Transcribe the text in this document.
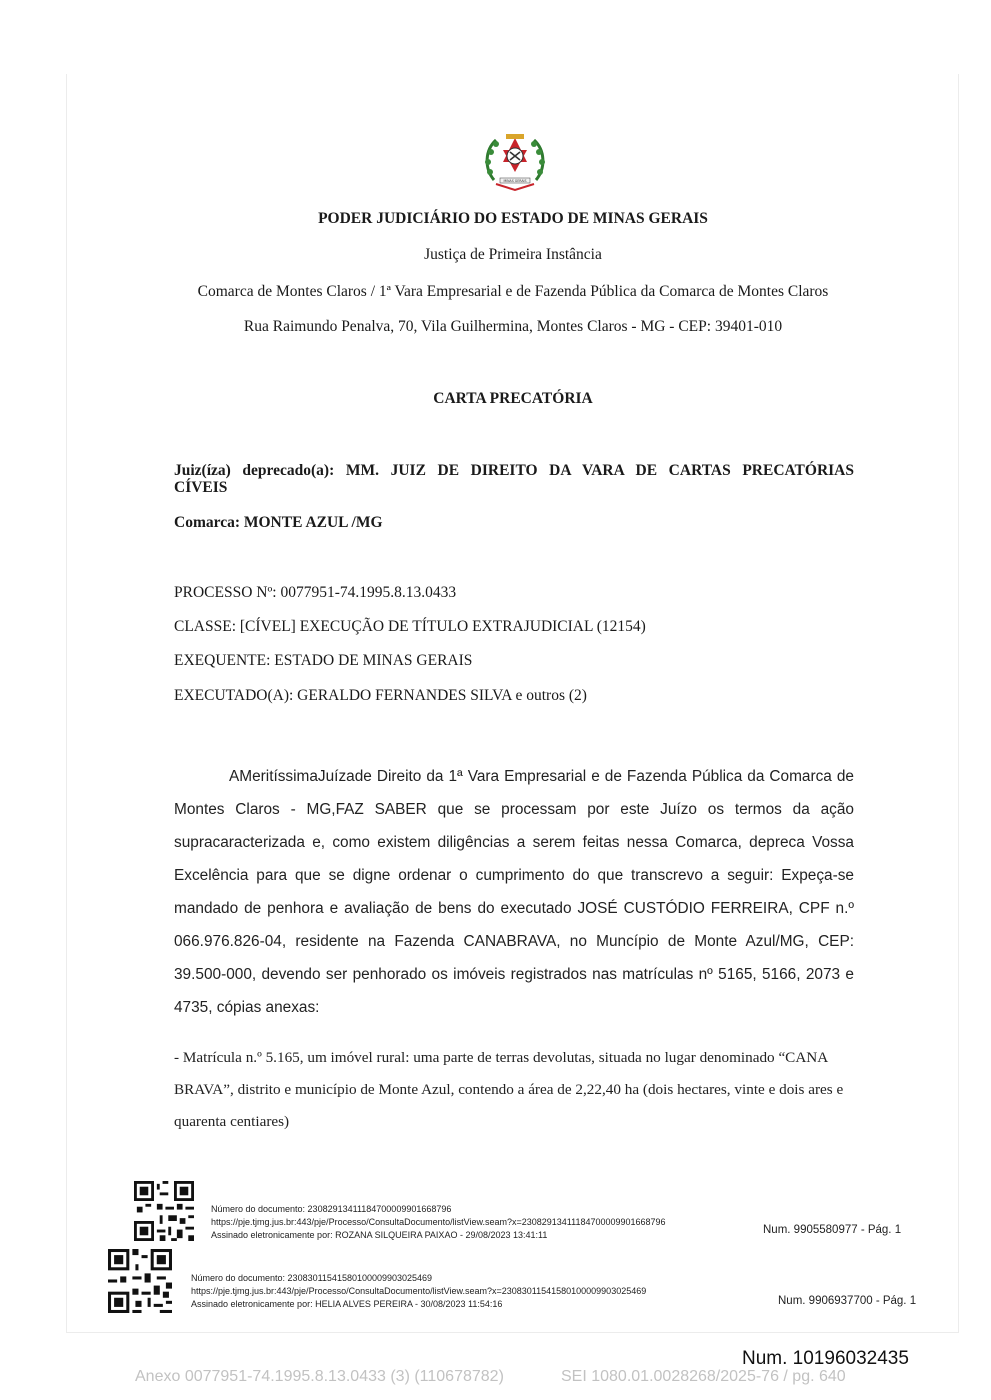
MINAS GERAIS
PODER JUDICIÁRIO DO ESTADO DE MINAS GERAIS
Justiça de Primeira Instância
Comarca de Montes Claros / 1ª Vara Empresarial e de Fazenda Pública da Comarca de Montes Claros
Rua Raimundo Penalva, 70, Vila Guilhermina, Montes Claros - MG - CEP: 39401-010
CARTA PRECATÓRIA
Juiz(íza) deprecado(a): MM. JUIZ DE DIREITO DA VARA DE CARTAS PRECATÓRIAS CÍVEIS
Comarca: MONTE AZUL /MG
PROCESSO Nº: 0077951-74.1995.8.13.0433
CLASSE: [CÍVEL] EXECUÇÃO DE TÍTULO EXTRAJUDICIAL (12154)
EXEQUENTE: ESTADO DE MINAS GERAIS
EXECUTADO(A): GERALDO FERNANDES SILVA e outros (2)
AMeritíssimaJuízade Direito da 1ª Vara Empresarial e de Fazenda Pública da Comarca de Montes Claros - MG,FAZ SABER que se processam por este Juízo os termos da ação supracaracterizada e, como existem diligências a serem feitas nessa Comarca, depreca Vossa Excelência para que se digne ordenar o cumprimento do que transcrevo a seguir: Expeça-se mandado de penhora e avaliação de bens do executado JOSÉ CUSTÓDIO FERREIRA, CPF n.º 066.976.826-04, residente na Fazenda CANABRAVA, no Muncípio de Monte Azul/MG, CEP: 39.500-000, devendo ser penhorado os imóveis registrados nas matrículas nº 5165, 5166, 2073 e 4735, cópias anexas:
- Matrícula n.º 5.165, um imóvel rural: uma parte de terras devolutas, situada no lugar denominado “CANA BRAVA”, distrito e município de Monte Azul, contendo a área de 2,22,40 ha (dois hectares, vinte e dois ares e quarenta centiares)
Número do documento: 23082913411184700009901668796
https://pje.tjmg.jus.br:443/pje/Processo/ConsultaDocumento/listView.seam?x=23082913411184700009901668796
Assinado eletronicamente por: ROZANA SILQUEIRA PAIXAO - 29/08/2023 13:41:11	Num. 9905580977 - Pág. 1
Número do documento: 23083011541580100009903025469
https://pje.tjmg.jus.br:443/pje/Processo/ConsultaDocumento/listView.seam?x=23083011541580100009903025469
Assinado eletronicamente por: HELIA ALVES PEREIRA - 30/08/2023 11:54:16	Num. 9906937700 - Pág. 1
Num. 10196032435
Anexo 0077951-74.1995.8.13.0433 (3) (110678782)	SEI 1080.01.0028268/2025-76 / pg. 640
